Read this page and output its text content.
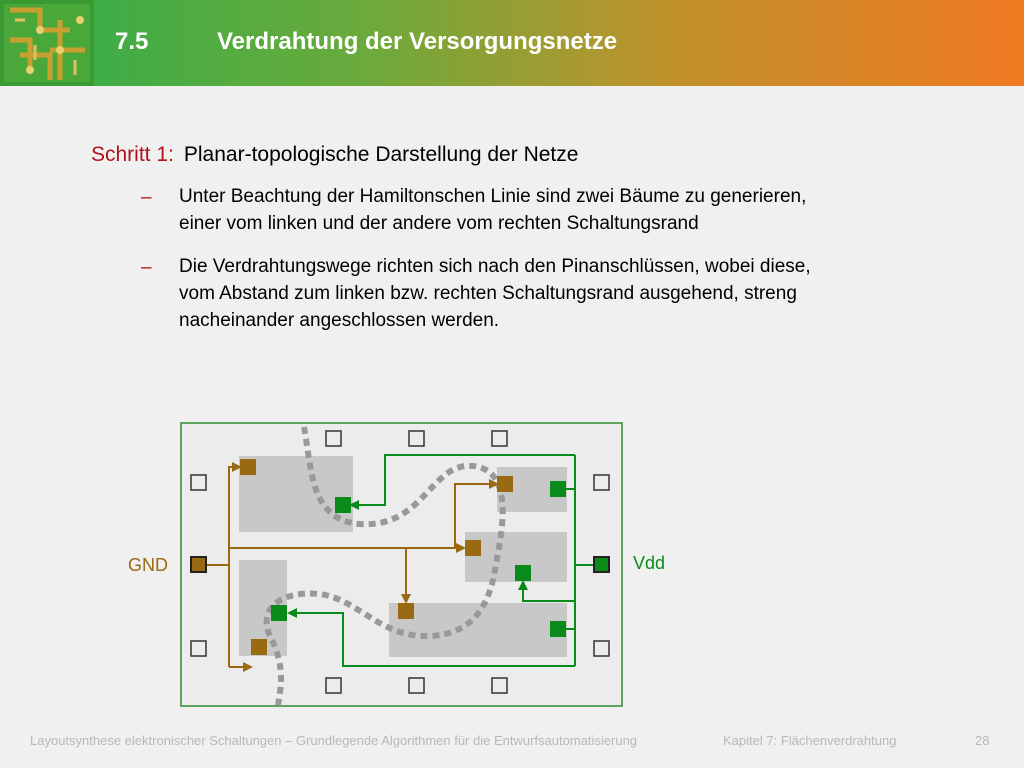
7.5	Verdrahtung der Versorgungsnetze
Schritt 1: Planar-topologische Darstellung der Netze
– Unter Beachtung der Hamiltonschen Linie sind zwei Bäume zu generieren,
einer vom linken und der andere vom rechten Schaltungsrand
– Die Verdrahtungswege richten sich nach den Pinanschlüssen, wobei diese,
vom Abstand zum linken bzw. rechten Schaltungsrand ausgehend, streng
nacheinander angeschlossen werden.
GND	Vdd
Layoutsynthese elektronischer Schaltungen – Grundlegende Algorithmen für die Entwurfsautomatisierung	Kapitel 7: Flächenverdrahtung	28
